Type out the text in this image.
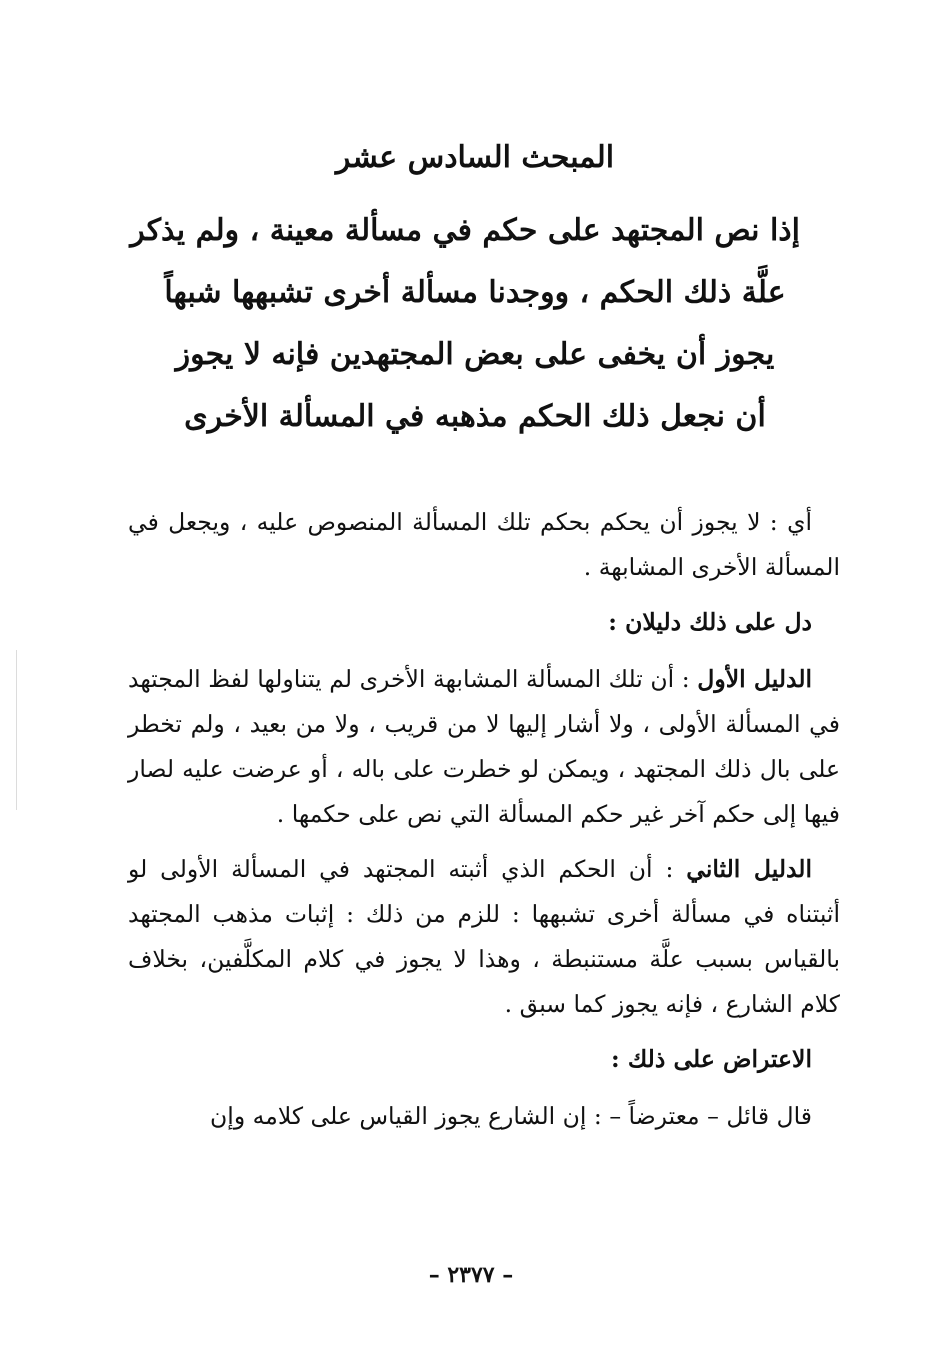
المبحث السادس عشر
إذا نص المجتهد على حكم في مسألة معينة ، ولم يذكر
علَّة ذلك الحكم ، ووجدنا مسألة أخرى تشبهها شبهاً
يجوز أن يخفى على بعض المجتهدين فإنه لا يجوز
أن نجعل ذلك الحكم مذهبه في المسألة الأخرى

أي : لا يجوز أن يحكم بحكم تلك المسألة المنصوص عليه ، ويجعل في المسألة الأخرى المشابهة .

دل على ذلك دليلان :

الدليل الأول : أن تلك المسألة المشابهة الأخرى لم يتناولها لفظ المجتهد في المسألة الأولى ، ولا أشار إليها لا من قريب ، ولا من بعيد ، ولم تخطر على بال ذلك المجتهد ، ويمكن لو خطرت على باله ، أو عرضت عليه لصار فيها إلى حكم آخر غير حكم المسألة التي نص على حكمها .

الدليل الثاني : أن الحكم الذي أثبته المجتهد في المسألة الأولى لو أثبتناه في مسألة أخرى تشبهها : للزم من ذلك : إثبات مذهب المجتهد بالقياس بسبب علَّة مستنبطة ، وهذا لا يجوز في كلام المكلَّفين، بخلاف كلام الشارع ، فإنه يجوز كما سبق .

الاعتراض على ذلك :

قال قائل – معترضاً – : إن الشارع يجوز القياس على كلامه وإن

– ٢٣٧٧ –
